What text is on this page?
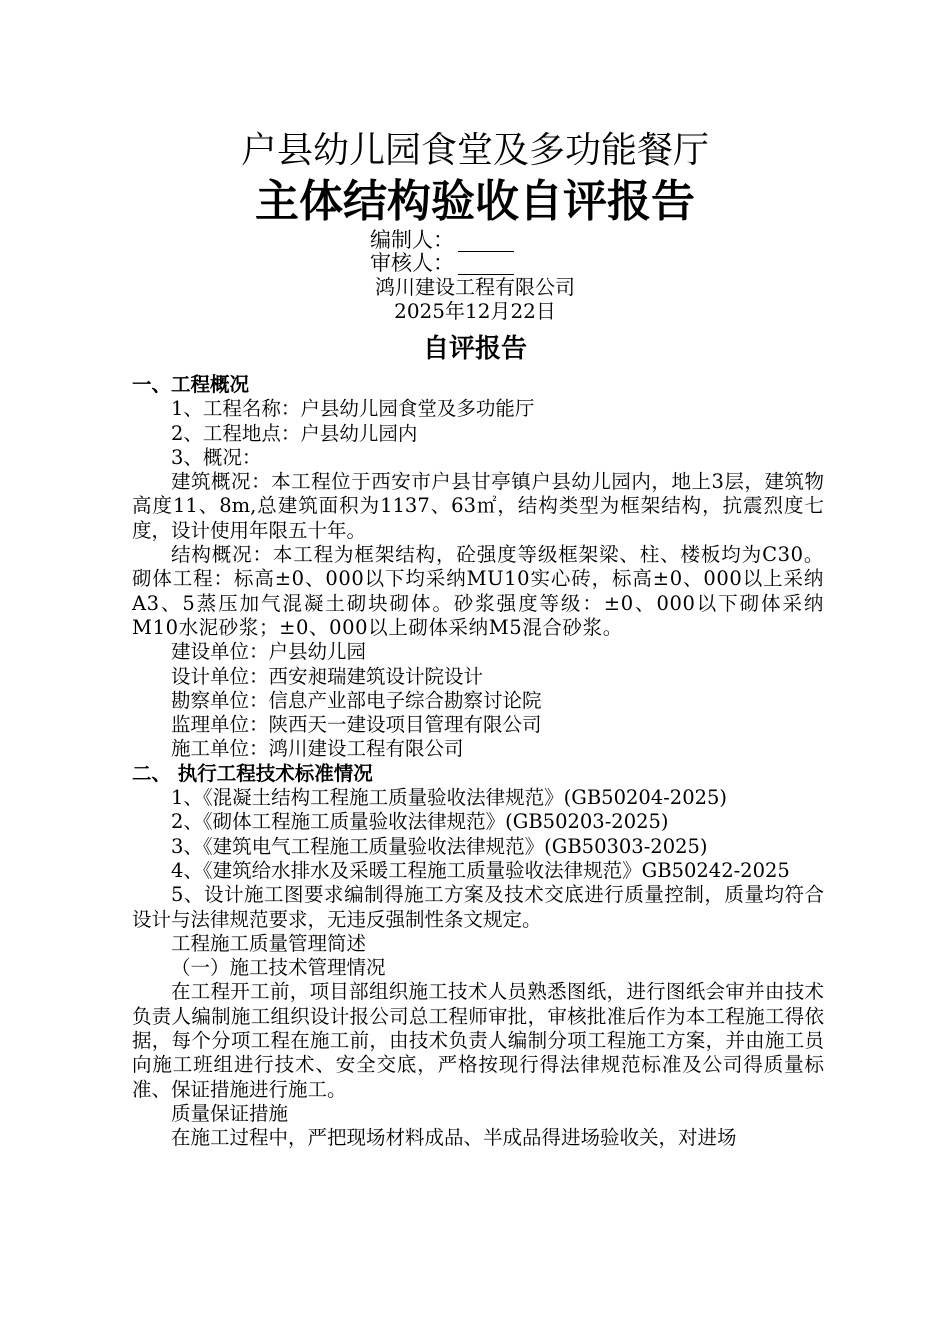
户县幼儿园食堂及多功能餐厅
主体结构验收自评报告
编制人：
审核人：
鸿川建设工程有限公司
2025年12月22日
自评报告

一、工程概况

1、工程名称：户县幼儿园食堂及多功能厅

2、工程地点：户县幼儿园内

3、概况：

建筑概况：本工程位于西安市户县甘亭镇户县幼儿园内，地上3层，建筑物高度11、8m,总建筑面积为1137、63㎡，结构类型为框架结构，抗震烈度七度，设计使用年限五十年。

结构概况：本工程为框架结构，砼强度等级框架梁、柱、楼板均为C30。砌体工程：标高±0、000以下均采纳MU10实心砖，标高±0、000以上采纳A3、5蒸压加气混凝土砌块砌体。砂浆强度等级：±0、000以下砌体采纳M10水泥砂浆；±0、000以上砌体采纳M5混合砂浆。

建设单位：户县幼儿园

设计单位：西安昶瑞建筑设计院设计

勘察单位：信息产业部电子综合勘察讨论院

监理单位：陕西天一建设项目管理有限公司

施工单位：鸿川建设工程有限公司

二、 执行工程技术标准情况

1、《混凝土结构工程施工质量验收法律规范》(GB50204-2025)

2、《砌体工程施工质量验收法律规范》(GB50203-2025)

3、《建筑电气工程施工质量验收法律规范》(GB50303-2025)

4、《建筑给水排水及采暖工程施工质量验收法律规范》GB50242-2025

5、设计施工图要求编制得施工方案及技术交底进行质量控制，质量均符合设计与法律规范要求，无违反强制性条文规定。

工程施工质量管理简述

（一）施工技术管理情况

在工程开工前，项目部组织施工技术人员熟悉图纸，进行图纸会审并由技术负责人编制施工组织设计报公司总工程师审批，审核批准后作为本工程施工得依据，每个分项工程在施工前，由技术负责人编制分项工程施工方案，并由施工员向施工班组进行技术、安全交底，严格按现行得法律规范标准及公司得质量标准、保证措施进行施工。

质量保证措施

在施工过程中，严把现场材料成品、半成品得进场验收关，对进场
